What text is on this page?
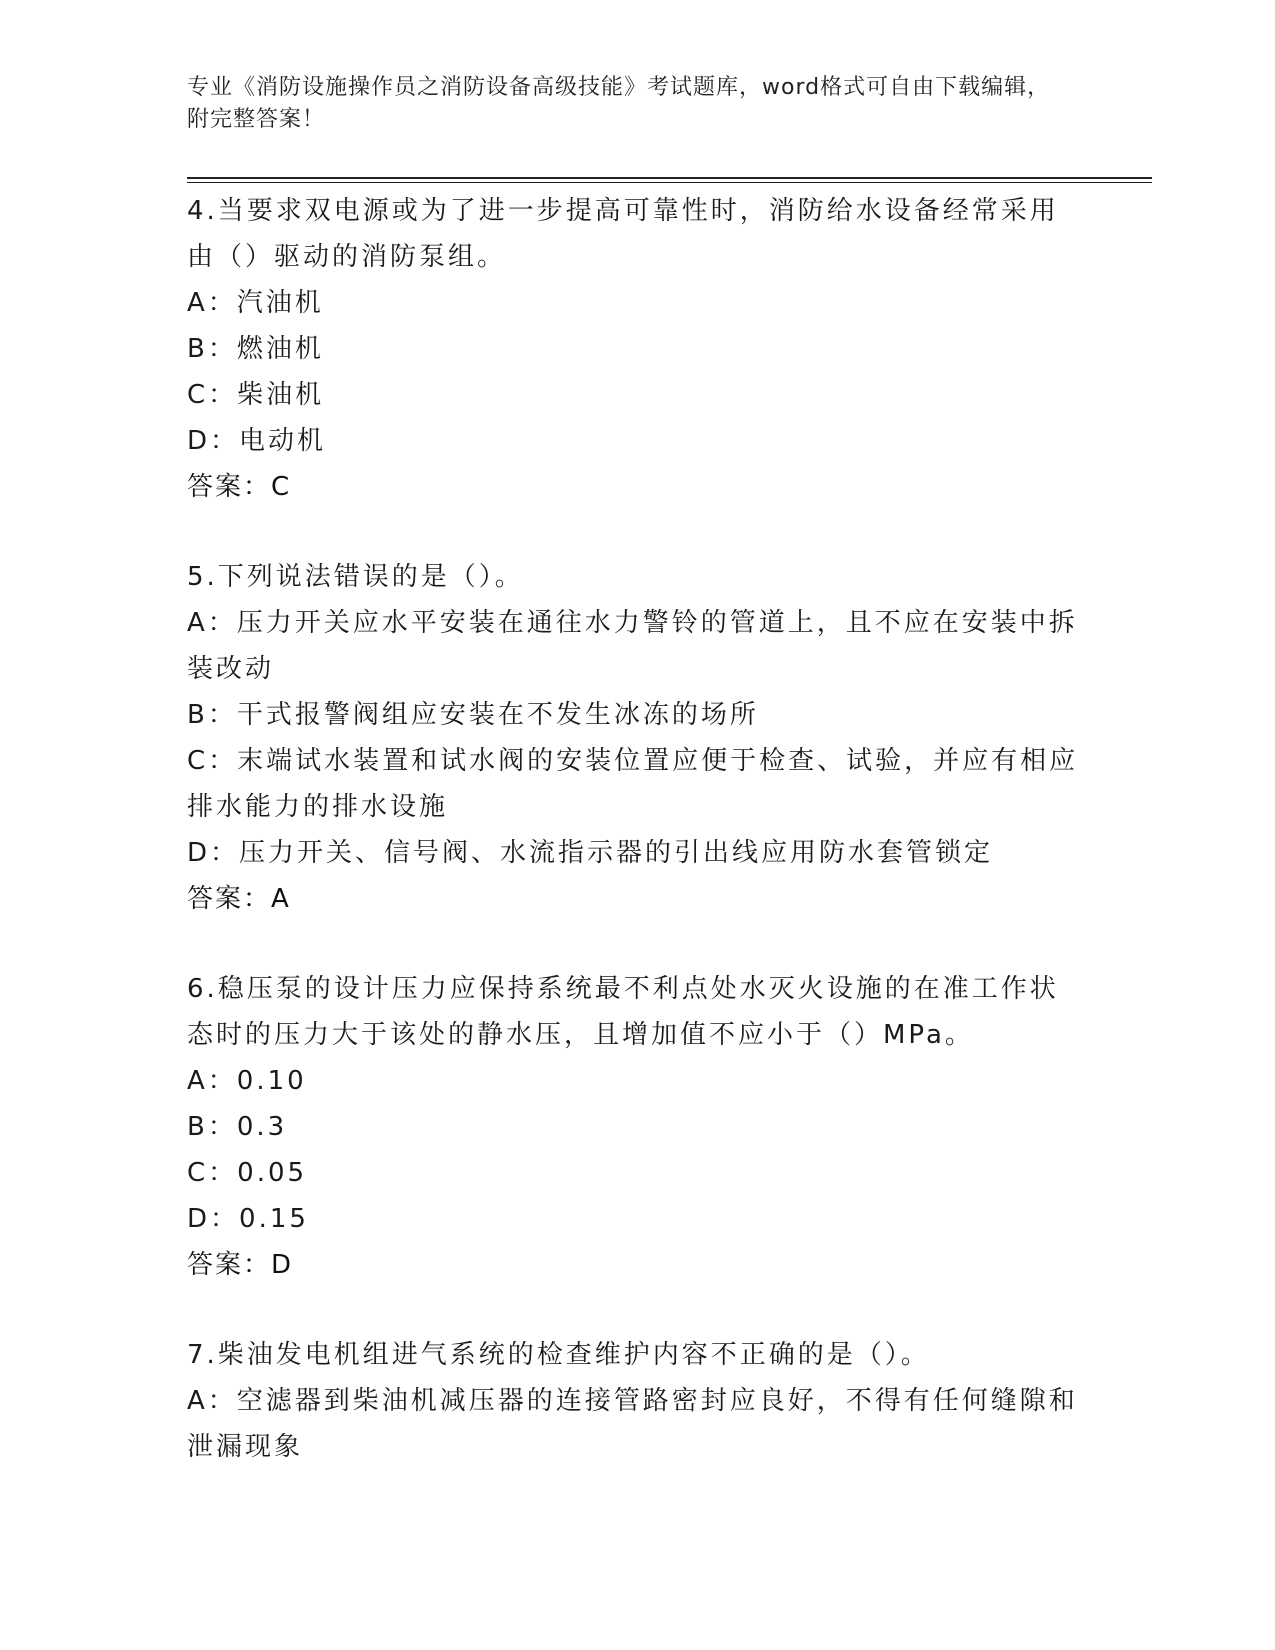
专业《消防设施操作员之消防设备高级技能》考试题库，word格式可自由下载编辑，附完整答案！
4.当要求双电源或为了进一步提高可靠性时，消防给水设备经常采用由（）驱动的消防泵组。
A：汽油机
B：燃油机
C：柴油机
D：电动机
答案：C
5.下列说法错误的是（）。
A：压力开关应水平安装在通往水力警铃的管道上，且不应在安装中拆装改动
B：干式报警阀组应安装在不发生冰冻的场所
C：末端试水装置和试水阀的安装位置应便于检查、试验，并应有相应排水能力的排水设施
D：压力开关、信号阀、水流指示器的引出线应用防水套管锁定
答案：A
6.稳压泵的设计压力应保持系统最不利点处水灭火设施的在准工作状态时的压力大于该处的静水压，且增加值不应小于（）MPa。
A：0.10
B：0.3
C：0.05
D：0.15
答案：D
7.柴油发电机组进气系统的检查维护内容不正确的是（）。
A：空滤器到柴油机减压器的连接管路密封应良好，不得有任何缝隙和泄漏现象
